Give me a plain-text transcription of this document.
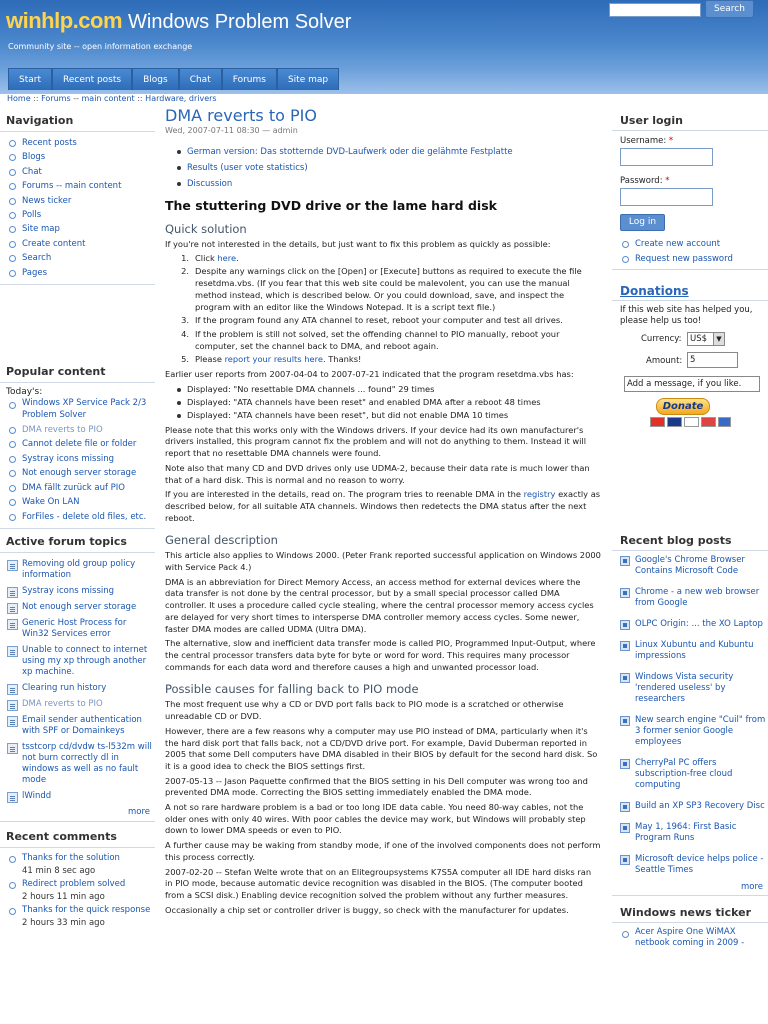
winhlp.com Windows Problem Solver
Community site -- open information exchange
Search
Start	Recent posts	Blogs	Chat	Forums	Site map
Home :: Forums -- main content :: Hardware, drivers
Navigation
Recent posts
Blogs
Chat
Forums -- main content
News ticker
Polls
Site map
Create content
Search
Pages
Popular content
Today's:
Windows XP Service Pack 2/3 Problem Solver
DMA reverts to PIO
Cannot delete file or folder
Systray icons missing
Not enough server storage
DMA fällt zurück auf PIO
Wake On LAN
ForFiles - delete old files, etc.
Active forum topics
Removing old group policy information
Systray icons missing
Not enough server storage
Generic Host Process for Win32 Services error
Unable to connect to internet using my xp through another xp machine.
Clearing run history
DMA reverts to PIO
Email sender authentication with SPF or Domainkeys
tsstcorp cd/dvdw ts-l532m will not burn correctly dl in windows as well as no fault mode
lWindd
more
Recent comments
Thanks for the solution
41 min 8 sec ago
Redirect problem solved
2 hours 11 min ago
Thanks for the quick response
2 hours 33 min ago
DMA reverts to PIO
Wed, 2007-07-11 08:30 — admin
German version: Das stotternde DVD-Laufwerk oder die gelähmte Festplatte
Results (user vote statistics)
Discussion
The stuttering DVD drive or the lame hard disk
Quick solution

If you're not interested in the details, but just want to fix this problem as quickly as possible:

1. Click here.
2. Despite any warnings click on the [Open] or [Execute] buttons as required to execute the file resetdma.vbs. (If you fear that this web site could be malevolent, you can use the manual method instead, which is described below. Or you could download, save, and inspect the program with an editor like the Windows Notepad. It is a script text file.)
3. If the program found any ATA channel to reset, reboot your computer and test all drives.
4. If the problem is still not solved, set the offending channel to PIO manually, reboot your computer, set the channel back to DMA, and reboot again.
5. Please report your results here. Thanks!

Earlier user reports from 2007-04-04 to 2007-07-21 indicated that the program resetdma.vbs has:

Displayed: "No resettable DMA channels ... found" 29 times
Displayed: "ATA channels have been reset" and enabled DMA after a reboot 48 times
Displayed: "ATA channels have been reset", but did not enable DMA 10 times

Please note that this works only with the Windows drivers. If your device had its own manufacturer's drivers installed, this program cannot fix the problem and will not do anything to them. Instead it will report that no resettable DMA channels were found.

Note also that many CD and DVD drives only use UDMA-2, because their data rate is much lower than that of a hard disk. This is normal and no reason to worry.

If you are interested in the details, read on. The program tries to reenable DMA in the registry exactly as described below, for all suitable ATA channels. Windows then redetects the DMA status after the next reboot.

General description

This article also applies to Windows 2000. (Peter Frank reported successful application on Windows 2000 with Service Pack 4.)

DMA is an abbreviation for Direct Memory Access, an access method for external devices where the data transfer is not done by the central processor, but by a small special processor called DMA controller. It uses a procedure called cycle stealing, where the central processor memory access cycles are delayed for very short times to intersperse DMA controller memory access cycles. Some newer, faster DMA modes are called UDMA (Ultra DMA).

The alternative, slow and inefficient data transfer mode is called PIO, Programmed Input-Output, where the central processor transfers data byte for byte or word for word. This requires many processor commands for each data word and therefore causes a high and unwanted processor load.

Possible causes for falling back to PIO mode

The most frequent use why a CD or DVD port falls back to PIO mode is a scratched or otherwise unreadable CD or DVD.

However, there are a few reasons why a computer may use PIO instead of DMA, particularly when it's the hard disk port that falls back, not a CD/DVD drive port. For example, David Duberman reported in 2005 that some Dell computers have DMA disabled in their BIOS by default for the second hard disk. So it is a good idea to check the BIOS settings first.

2007-05-13 -- Jason Paquette confirmed that the BIOS setting in his Dell computer was wrong too and prevented DMA mode. Correcting the BIOS setting immediately enabled the DMA mode.

A not so rare hardware problem is a bad or too long IDE data cable. You need 80-way cables, not the older ones with only 40 wires. With poor cables the device may work, but Windows will probably step down to lower DMA speeds or even to PIO.

A further cause may be waking from standby mode, if one of the involved components does not perform this process correctly.

2007-02-20 -- Stefan Welte wrote that on an Elitegroupsystems K7S5A computer all IDE hard disks ran in PIO mode, because automatic device recognition was disabled in the BIOS. (The computer booted from a SCSI disk.) Enabling device recognition solved the problem without any further measures.

Occasionally a chip set or controller driver is buggy, so check with the manufacturer for updates.

User login
Username: *
Password: *
Log in
Create new account
Request new password
Donations
If this web site has helped you, please help us too!
Currency: US$	▼
Amount: 5
Add a message, if you like.
Donate
Recent blog posts
Google's Chrome Browser Contains Microsoft Code
Chrome - a new web browser from Google
OLPC Origin: ... the XO Laptop
Linux Xubuntu and Kubuntu impressions
Windows Vista security 'rendered useless' by researchers
New search engine "Cuil" from 3 former senior Google employees
CherryPal PC offers subscription-free cloud computing
Build an XP SP3 Recovery Disc
May 1, 1964: First Basic Program Runs
Microsoft device helps police - Seattle Times
more
Windows news ticker
Acer Aspire One WiMAX netbook coming in 2009 -
